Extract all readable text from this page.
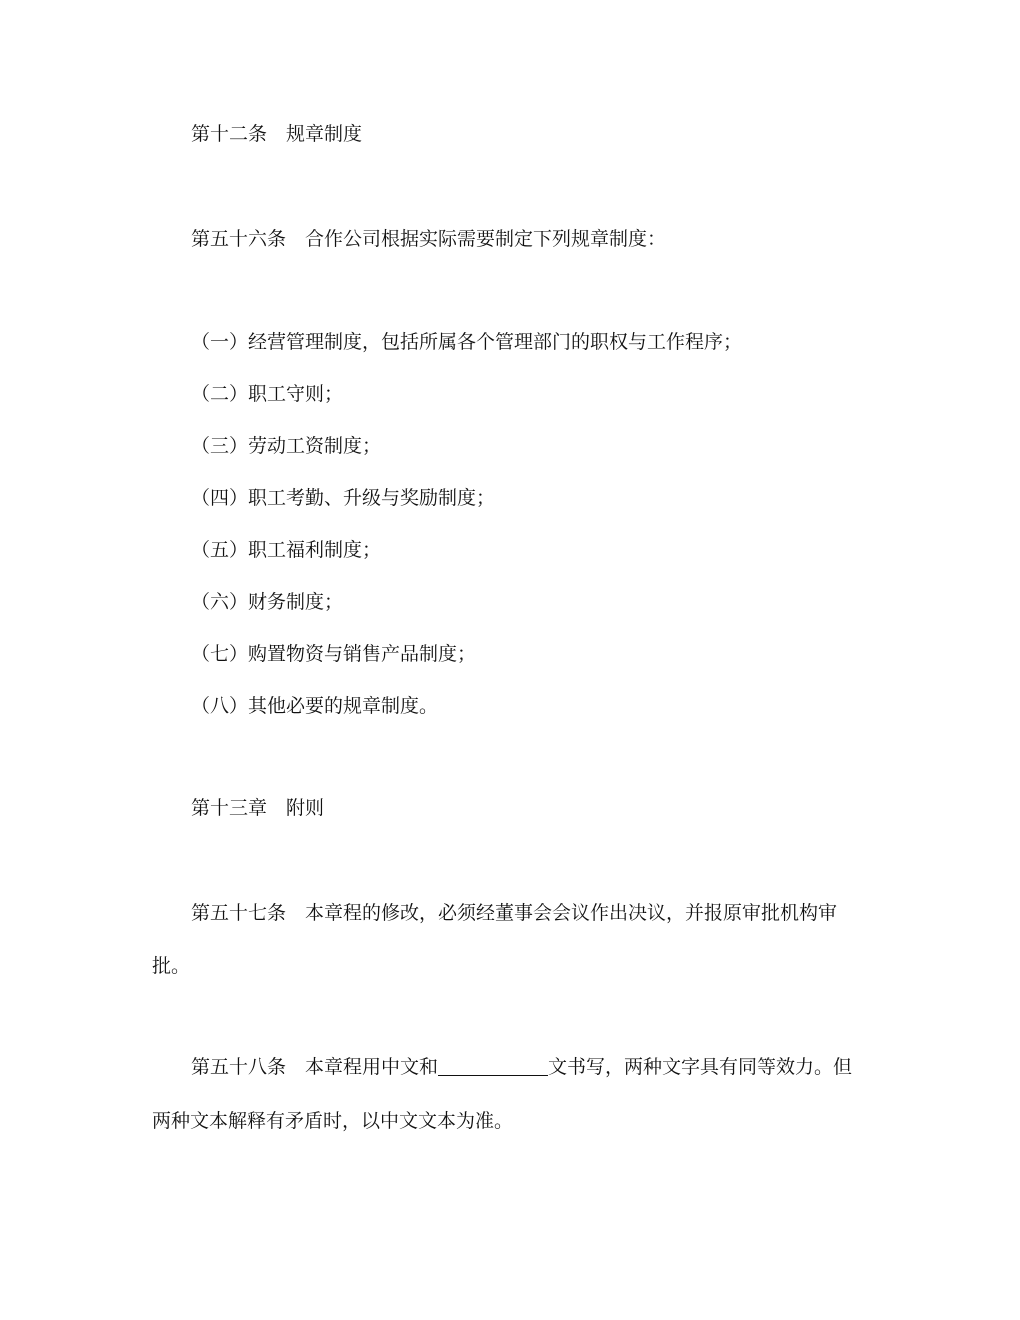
第十二条 规章制度
第五十六条 合作公司根据实际需要制定下列规章制度：
（一）经营管理制度，包括所属各个管理部门的职权与工作程序；
（二）职工守则；
（三）劳动工资制度；
（四）职工考勤、升级与奖励制度；
（五）职工福利制度；
（六）财务制度；
（七）购置物资与销售产品制度；
（八）其他必要的规章制度。
第十三章 附则
第五十七条 本章程的修改，必须经董事会会议作出决议，并报原审批机构审
批。
第五十八条 本章程用中文和	文书写，两种文字具有同等效力。但
两种文本解释有矛盾时，以中文文本为准。
